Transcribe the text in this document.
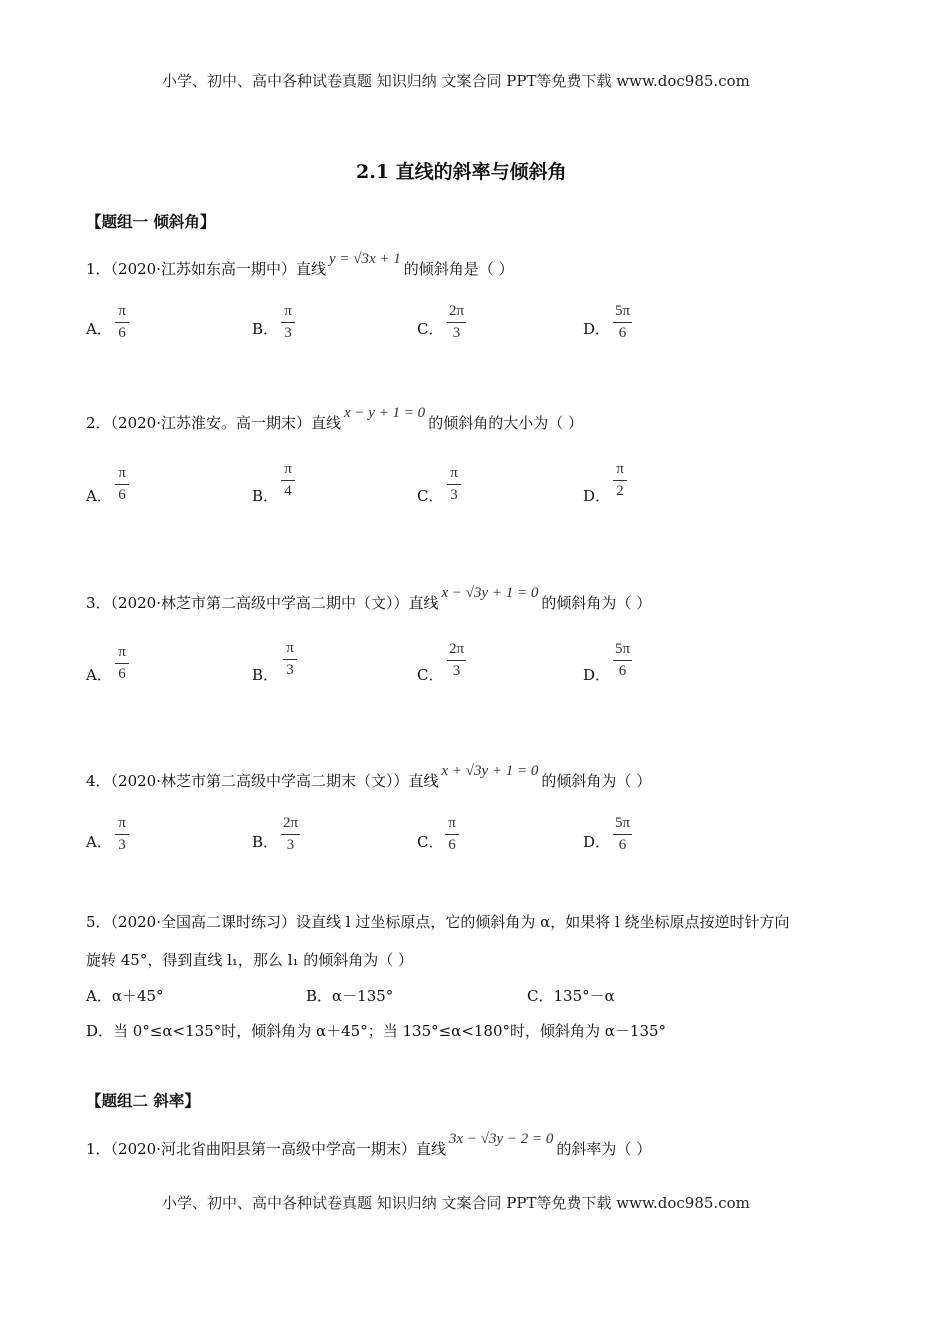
小学、初中、高中各种试卷真题 知识归纳 文案合同 PPT等免费下载 www.doc985.com
2.1 直线的斜率与倾斜角
【题组一 倾斜角】
1．（2020·江苏如东高一期中）直线y = √3x + 1的倾斜角是（ ）
A．
π
6	B．
π
3	C．
2π
3	D．
5π
6
2．（2020·江苏淮安。高一期末）直线x − y + 1 = 0的倾斜角的大小为（ ）
A．
π
6	B．
π
4	C．
π
3	D．
π
2
3．（2020·林芝市第二高级中学高二期中（文））直线x − √3y + 1 = 0的倾斜角为（ ）
A．
π
6	B．
π
3	C．
2π
3	D．
5π
6
4．（2020·林芝市第二高级中学高二期末（文））直线x + √3y + 1 = 0的倾斜角为（ ）
A．
π
3	B．
2π
3	C．
π
6	D．
5π
6
5．（2020·全国高二课时练习）设直线 l 过坐标原点，它的倾斜角为 α，如果将 l 绕坐标原点按逆时针方向
旋转 45°，得到直线 l₁，那么 l₁ 的倾斜角为（ ）
A．α＋45°	B．α－135°	C．135°－α
D．当 0°≤α<135°时，倾斜角为 α＋45°；当 135°≤α<180°时，倾斜角为 α－135°
【题组二 斜率】
1．（2020·河北省曲阳县第一高级中学高一期末）直线3x − √3y − 2 = 0的斜率为（ ）
小学、初中、高中各种试卷真题 知识归纳 文案合同 PPT等免费下载 www.doc985.com
